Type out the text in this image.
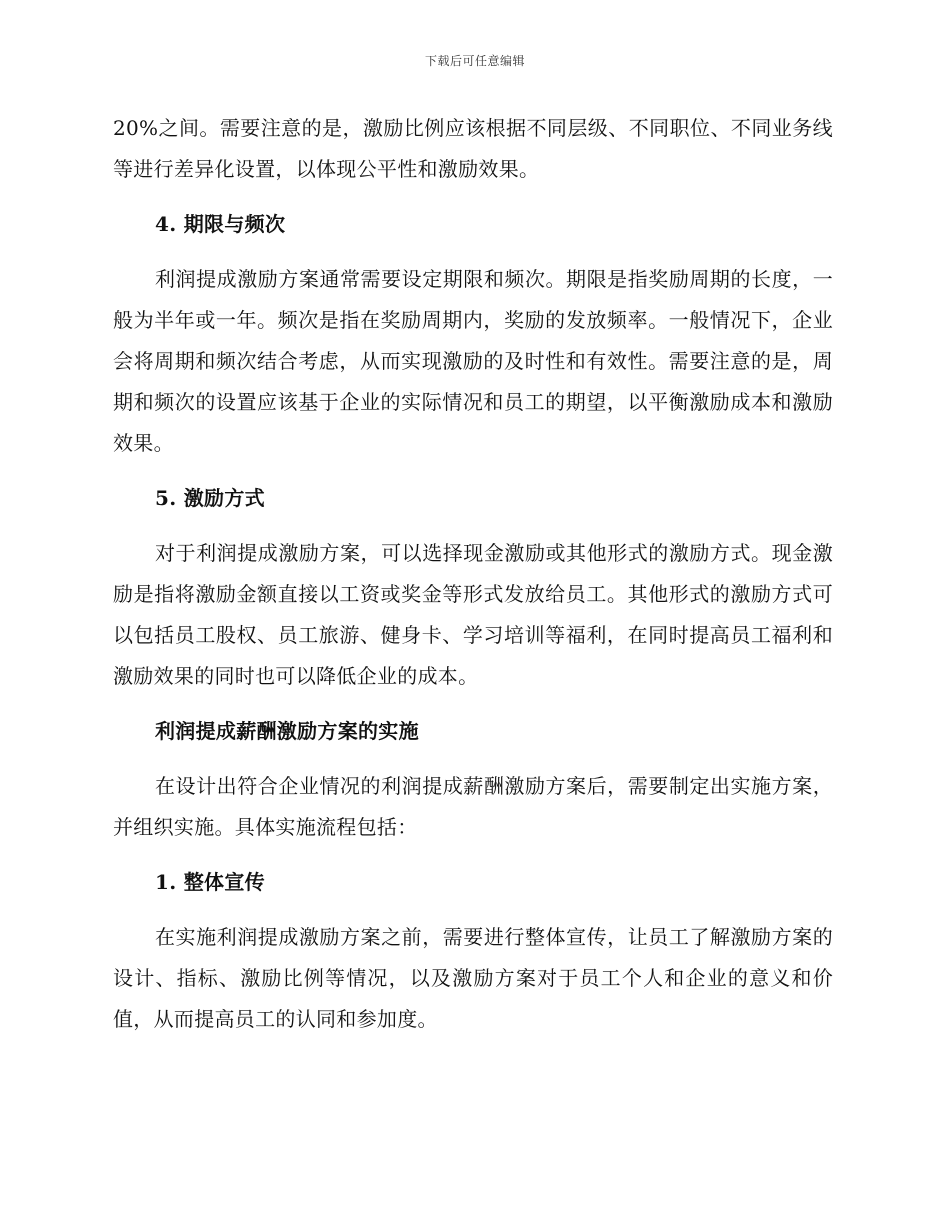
下载后可任意编辑

20%之间。需要注意的是，激励比例应该根据不同层级、不同职位、不同业务线等进行差异化设置，以体现公平性和激励效果。

4. 期限与频次

利润提成激励方案通常需要设定期限和频次。期限是指奖励周期的长度，一般为半年或一年。频次是指在奖励周期内，奖励的发放频率。一般情况下，企业会将周期和频次结合考虑，从而实现激励的及时性和有效性。需要注意的是，周期和频次的设置应该基于企业的实际情况和员工的期望，以平衡激励成本和激励效果。

5. 激励方式

对于利润提成激励方案，可以选择现金激励或其他形式的激励方式。现金激励是指将激励金额直接以工资或奖金等形式发放给员工。其他形式的激励方式可以包括员工股权、员工旅游、健身卡、学习培训等福利，在同时提高员工福利和激励效果的同时也可以降低企业的成本。

利润提成薪酬激励方案的实施

在设计出符合企业情况的利润提成薪酬激励方案后，需要制定出实施方案，并组织实施。具体实施流程包括：

1. 整体宣传

在实施利润提成激励方案之前，需要进行整体宣传，让员工了解激励方案的设计、指标、激励比例等情况，以及激励方案对于员工个人和企业的意义和价值，从而提高员工的认同和参加度。
